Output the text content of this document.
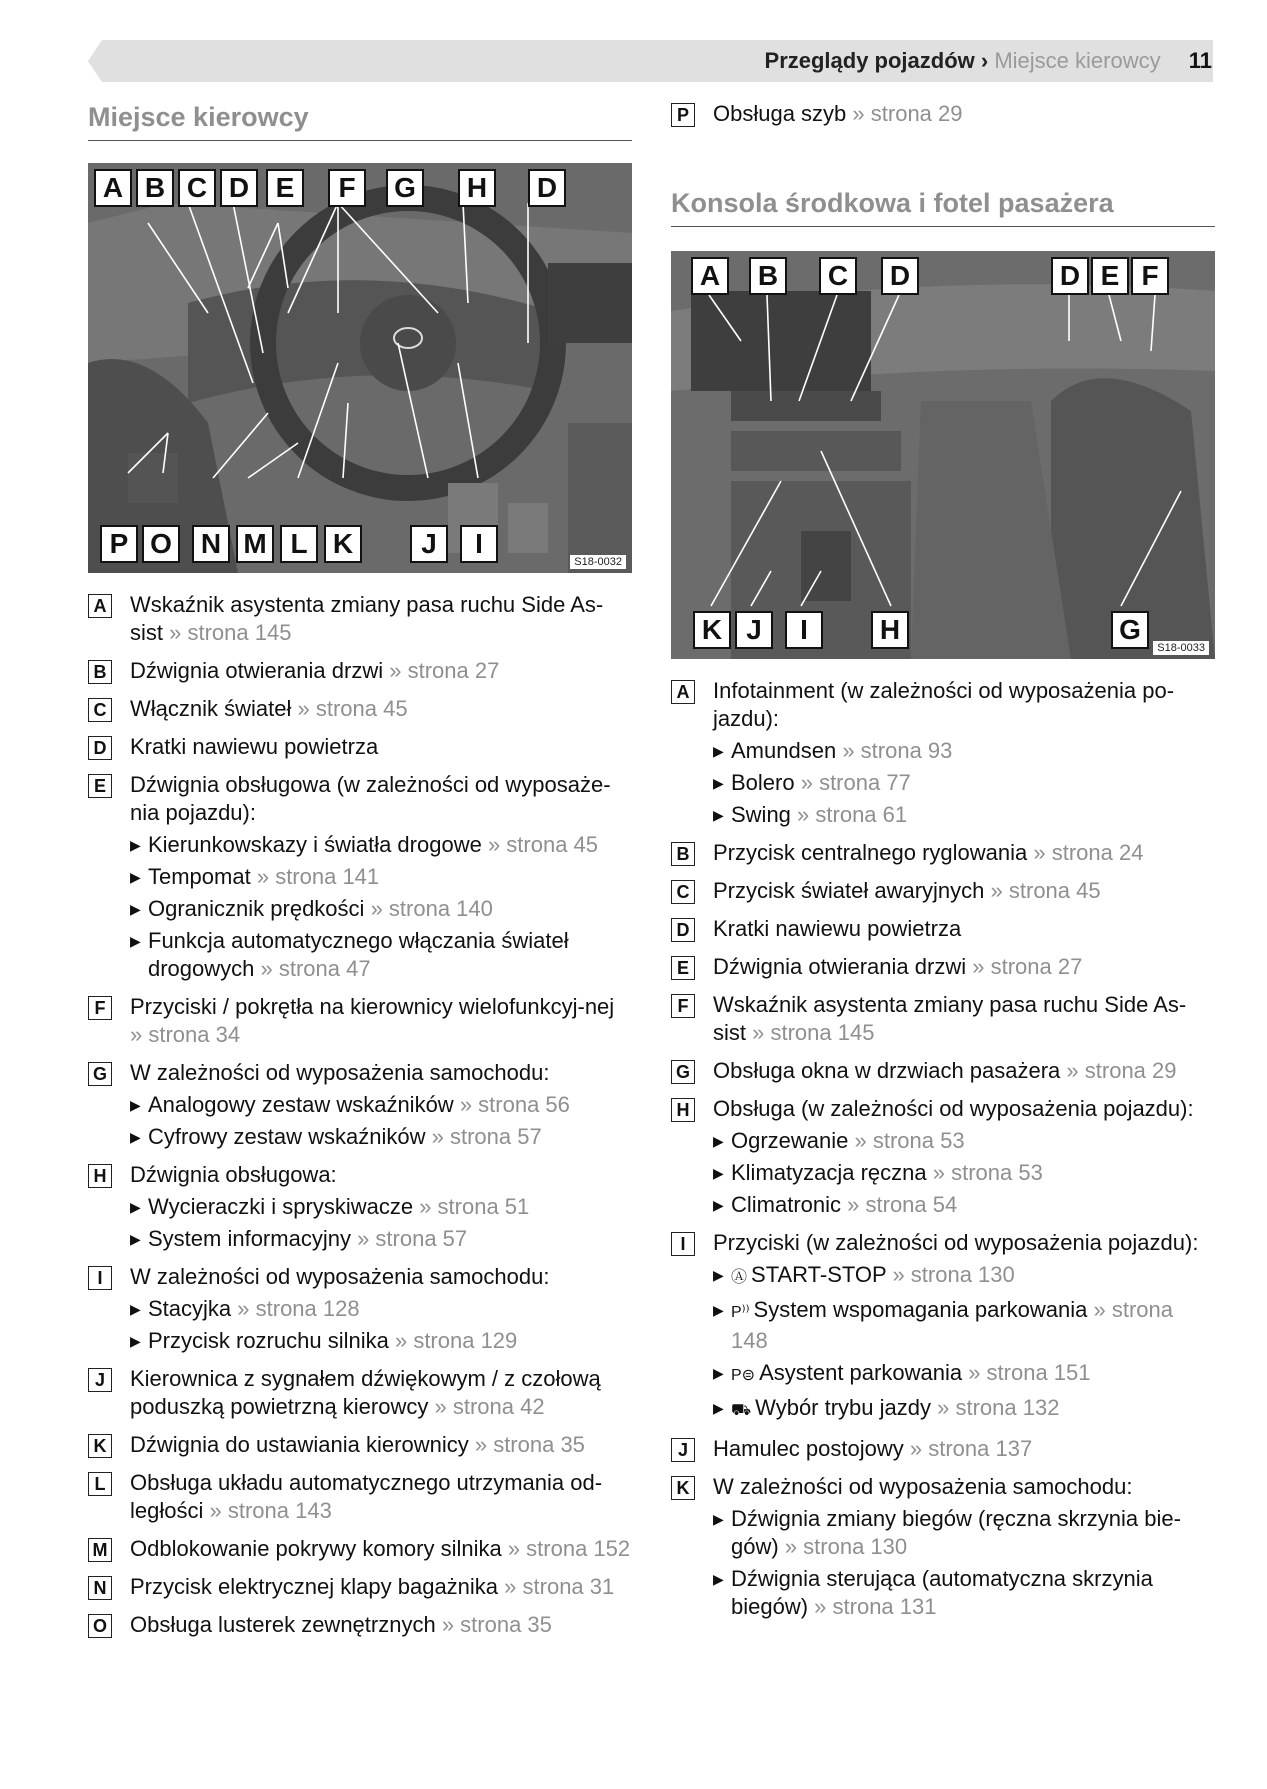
Przeglądy pojazdów › Miejsce kierowcy 11
Miejsce kierowcy
A B C D E	F	G	H	D
P O	N M L K	J	I
S18-0032
A Wskaźnik asystenta zmiany pasa ruchu Side As-sist » strona 145
B Dźwignia otwierania drzwi » strona 27
C Włącznik świateł » strona 45
D Kratki nawiewu powietrza
E Dźwignia obsługowa (w zależności od wyposaże-nia pojazdu):
▶ Kierunkowskazy i światła drogowe » strona 45
▶ Tempomat » strona 141
▶ Ogranicznik prędkości » strona 140
▶ Funkcja automatycznego włączania świateł drogowych » strona 47
F Przyciski / pokrętła na kierownicy wielofunkcyj-nej » strona 34
G W zależności od wyposażenia samochodu:
▶ Analogowy zestaw wskaźników » strona 56
▶ Cyfrowy zestaw wskaźników » strona 57
H Dźwignia obsługowa:
▶ Wycieraczki i spryskiwacze » strona 51
▶ System informacyjny » strona 57
I	W zależności od wyposażenia samochodu:
▶ Stacyjka » strona 128
▶ Przycisk rozruchu silnika » strona 129
J	Kierownica z sygnałem dźwiękowym / z czołową poduszką powietrzną kierowcy » strona 42
K Dźwignia do ustawiania kierownicy » strona 35
L Obsługa układu automatycznego utrzymania od-ległości » strona 143
M Odblokowanie pokrywy komory silnika » strona 152
N Przycisk elektrycznej klapy bagażnika » strona 31
O Obsługa lusterek zewnętrznych » strona 35
P Obsługa szyb » strona 29
Konsola środkowa i fotel pasażera
A	B	C	D	D E F
K J	I	H	G
S18-0033
A Infotainment (w zależności od wyposażenia po-jazdu):
▶ Amundsen » strona 93
▶ Bolero » strona 77
▶ Swing » strona 61
B Przycisk centralnego ryglowania » strona 24
C Przycisk świateł awaryjnych » strona 45
D Kratki nawiewu powietrza
E Dźwignia otwierania drzwi » strona 27
F Wskaźnik asystenta zmiany pasa ruchu Side As-sist » strona 145
G Obsługa okna w drzwiach pasażera » strona 29
H Obsługa (w zależności od wyposażenia pojazdu):
▶ Ogrzewanie » strona 53
▶ Klimatyzacja ręczna » strona 53
▶ Climatronic » strona 54
I	Przyciski (w zależności od wyposażenia pojazdu):
▶ Ⓐ START-STOP » strona 130
▶ P⁾⁾ System wspomagania parkowania » strona 148
▶ P⊜ Asystent parkowania » strona 151
▶ ⛟ Wybór trybu jazdy » strona 132
J	Hamulec postojowy » strona 137
K W zależności od wyposażenia samochodu:
▶ Dźwignia zmiany biegów (ręczna skrzynia bie-gów) » strona 130
▶ Dźwignia sterująca (automatyczna skrzynia biegów) » strona 131
